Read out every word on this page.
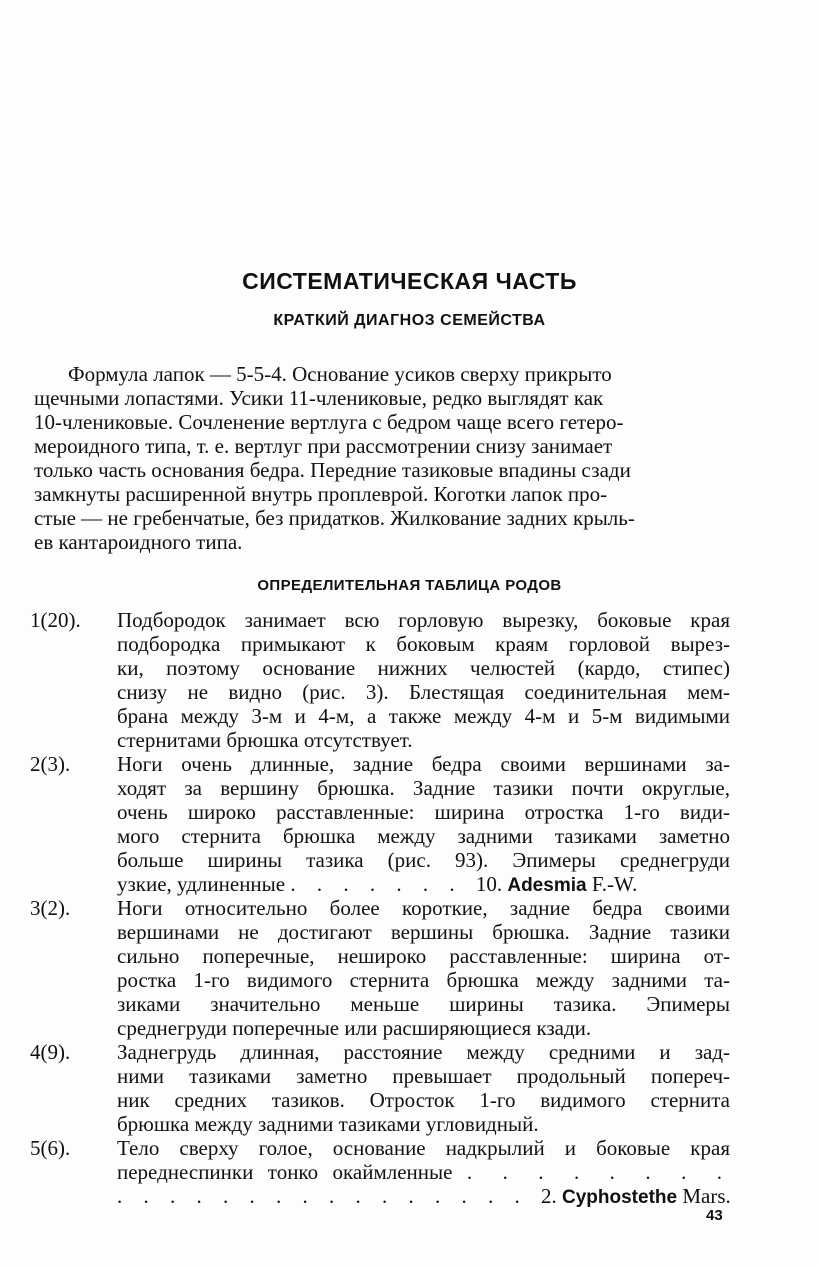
СИСТЕМАТИЧЕСКАЯ ЧАСТЬ
КРАТКИЙ ДИАГНОЗ СЕМЕЙСТВА
Формула лапок — 5-5-4. Основание усиков сверху прикрыто
щечными лопастями. Усики 11-члениковые, редко выглядят как
10-члениковые. Сочленение вертлуга с бедром чаще всего гетеро-
мероидного типа, т. е. вертлуг при рассмотрении снизу занимает
только часть основания бедра. Передние тазиковые впадины сзади
замкнуты расширенной внутрь проплеврой. Коготки лапок про-
стые — не гребенчатые, без придатков. Жилкование задних крыль-
ев кантароидного типа.
ОПРЕДЕЛИТЕЛЬНАЯ ТАБЛИЦА РОДОВ
1(20).	Подбородок занимает всю горловую вырезку, боковые края
подбородка примыкают к боковым краям горловой вырез-
ки, поэтому основание нижних челюстей (кардо, стипес)
снизу не видно (рис. 3). Блестящая соединительная мем-
брана между 3-м и 4-м, а также между 4-м и 5-м видимыми
стернитами брюшка отсутствует.
2(3).	Ноги очень длинные, задние бедра своими вершинами за-
ходят за вершину брюшка. Задние тазики почти округлые,
очень широко расставленные: ширина отростка 1-го види-
мого стернита брюшка между задними тазиками заметно
больше ширины тазика (рис. 93). Эпимеры среднегруди
узкие, удлиненные . . . . . . . 10. Adesmia F.-W.
3(2).	Ноги относительно более короткие, задние бедра своими
вершинами не достигают вершины брюшка. Задние тазики
сильно поперечные, нешироко расставленные: ширина от-
ростка 1-го видимого стернита брюшка между задними та-
зиками значительно меньше ширины тазика. Эпимеры
среднегруди поперечные или расширяющиеся кзади.
4(9).	Заднегрудь длинная, расстояние между средними и зад-
ними тазиками заметно превышает продольный попереч-
ник средних тазиков. Отросток 1-го видимого стернита
брюшка между задними тазиками угловидный.
5(6).	Тело сверху голое, основание надкрылий и боковые края
переднеспинки тонко окаймленные . . . . . . . .
. . . . . . . . . . . . . . . . 2. Cyphostethe Mars.
43
